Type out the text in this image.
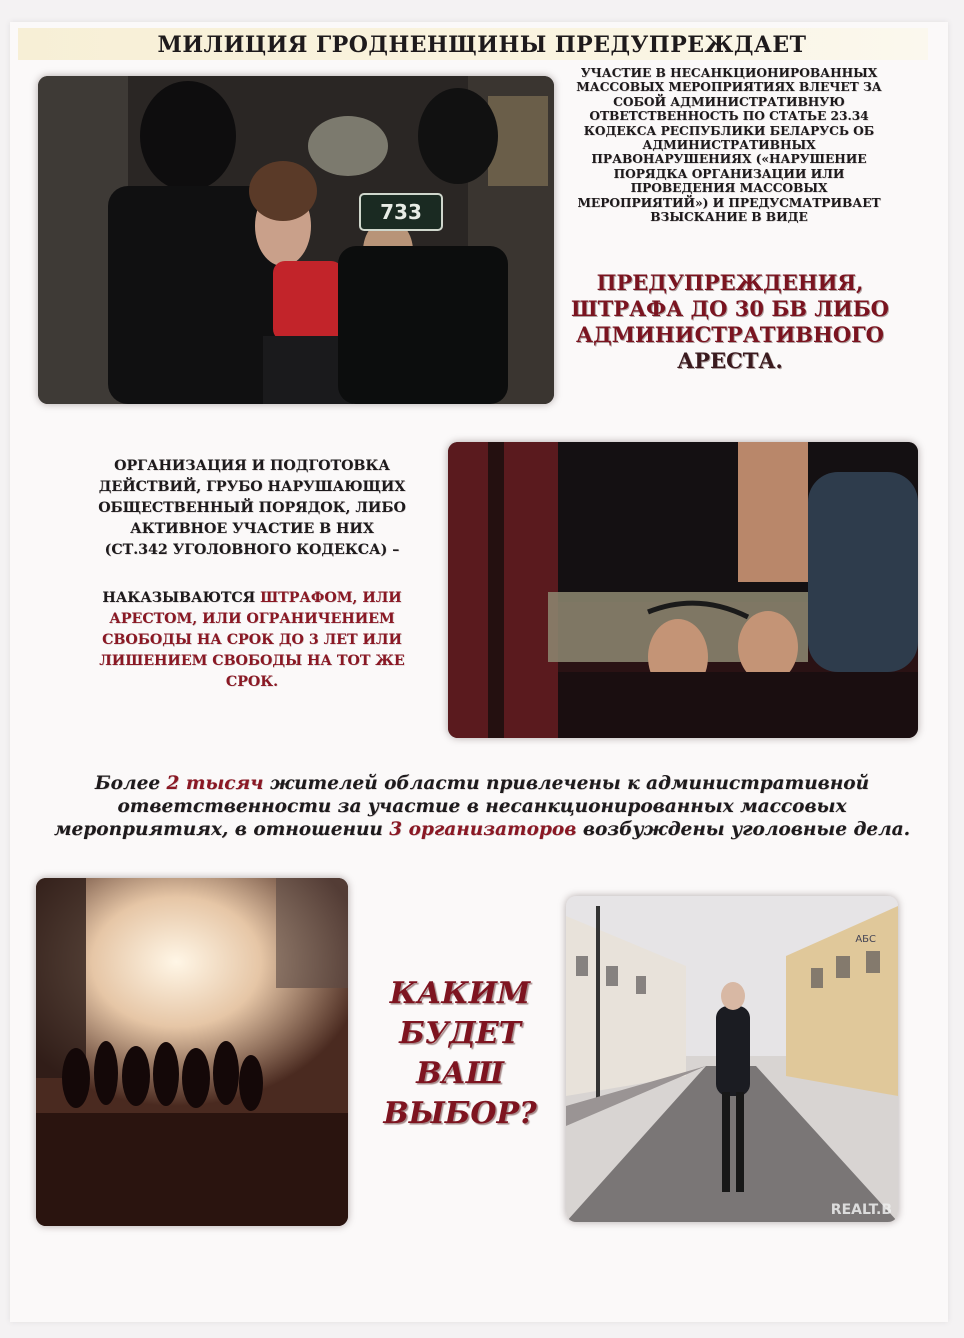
МИЛИЦИЯ ГРОДНЕНЩИНЫ ПРЕДУПРЕЖДАЕТ
733
УЧАСТИЕ В НЕСАНКЦИОНИРОВАННЫХ
МАССОВЫХ МЕРОПРИЯТИЯХ ВЛЕЧЕТ ЗА
СОБОЙ АДМИНИСТРАТИВНУЮ
ОТВЕТСТВЕННОСТЬ ПО СТАТЬЕ 23.34
КОДЕКСА РЕСПУБЛИКИ БЕЛАРУСЬ ОБ
АДМИНИСТРАТИВНЫХ
ПРАВОНАРУШЕНИЯХ («НАРУШЕНИЕ
ПОРЯДКА ОРГАНИЗАЦИИ ИЛИ
ПРОВЕДЕНИЯ МАССОВЫХ
МЕРОПРИЯТИЙ») И ПРЕДУСМАТРИВАЕТ
ВЗЫСКАНИЕ В ВИДЕ
ПРЕДУПРЕЖДЕНИЯ,
ШТРАФА ДО 30 БВ ЛИБО
АДМИНИСТРАТИВНОГО
АРЕСТА.
ОРГАНИЗАЦИЯ И ПОДГОТОВКА
ДЕЙСТВИЙ, ГРУБО НАРУШАЮЩИХ
ОБЩЕСТВЕННЫЙ ПОРЯДОК, ЛИБО
АКТИВНОЕ УЧАСТИЕ В НИХ
(СТ.342 УГОЛОВНОГО КОДЕКСА) –
НАКАЗЫВАЮТСЯ ШТРАФОМ, ИЛИ
АРЕСТОМ, ИЛИ ОГРАНИЧЕНИЕМ
СВОБОДЫ НА СРОК ДО 3 ЛЕТ ИЛИ
ЛИШЕНИЕМ СВОБОДЫ НА ТОТ ЖЕ
СРОК.
Более 2 тысяч жителей области привлечены к административной
ответственности за участие в несанкционированных массовых
мероприятиях, в отношении 3 организаторов возбуждены уголовные дела.
КАКИМ
БУДЕТ
ВАШ
ВЫБОР?
АБС
REALT.B
